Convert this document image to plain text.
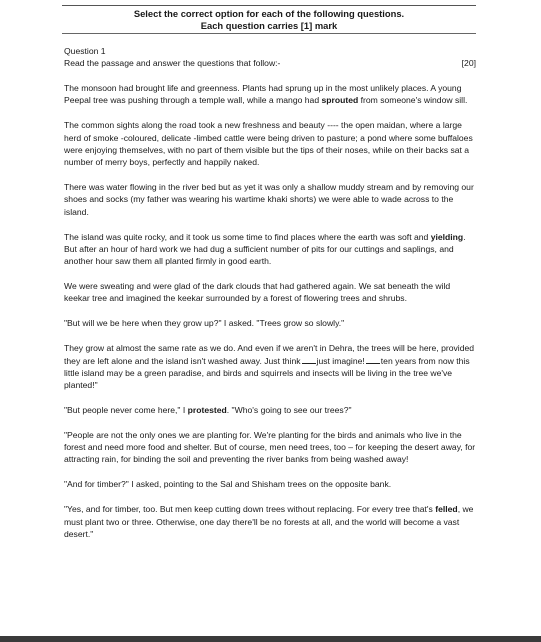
Select the correct option for each of the following questions.
Each question carries [1] mark

Question 1

Read the passage and answer the questions that follow:-	[20]

The monsoon had brought life and greenness. Plants had sprung up in the most unlikely places. A young Peepal tree was pushing through a temple wall, while a mango had sprouted from someone's window sill.

The common sights along the road took a new freshness and beauty ---- the open maidan, where a large herd of smoke -coloured, delicate -limbed cattle were being driven to pasture; a pond where some buffaloes were enjoying themselves, with no part of them visible but the tips of their noses, while on their backs sat a number of merry boys, perfectly and happily naked.

There was water flowing in the river bed but as yet it was only a shallow muddy stream and by removing our shoes and socks (my father was wearing his wartime khaki shorts) we were able to wade across to the island.

The island was quite rocky, and it took us some time to find places where the earth was soft and yielding. But after an hour of hard work we had dug a sufficient number of pits for our cuttings and saplings, and another hour saw them all planted firmly in good earth.

We were sweating and were glad of the dark clouds that had gathered again. We sat beneath the wild keekar tree and imagined the keekar surrounded by a forest of flowering trees and shrubs.

"But will we be here when they grow up?" I asked. "Trees grow so slowly."

They grow at almost the same rate as we do. And even if we aren't in Dehra, the trees will be here, provided they are left alone and the island isn't washed away. Just think just imagine! ten years from now this little island may be a green paradise, and birds and squirrels and insects will be living in the tree we've planted!"

"But people never come here," I protested. "Who's going to see our trees?"

"People are not the only ones we are planting for. We're planting for the birds and animals who live in the forest and need more food and shelter. But of course, men need trees, too – for keeping the desert away, for attracting rain, for binding the soil and preventing the river banks from being washed away!

"And for timber?" I asked, pointing to the Sal and Shisham trees on the opposite bank.

"Yes, and for timber, too. But men keep cutting down trees without replacing. For every tree that's felled, we must plant two or three. Otherwise, one day there'll be no forests at all, and the world will become a vast desert."
